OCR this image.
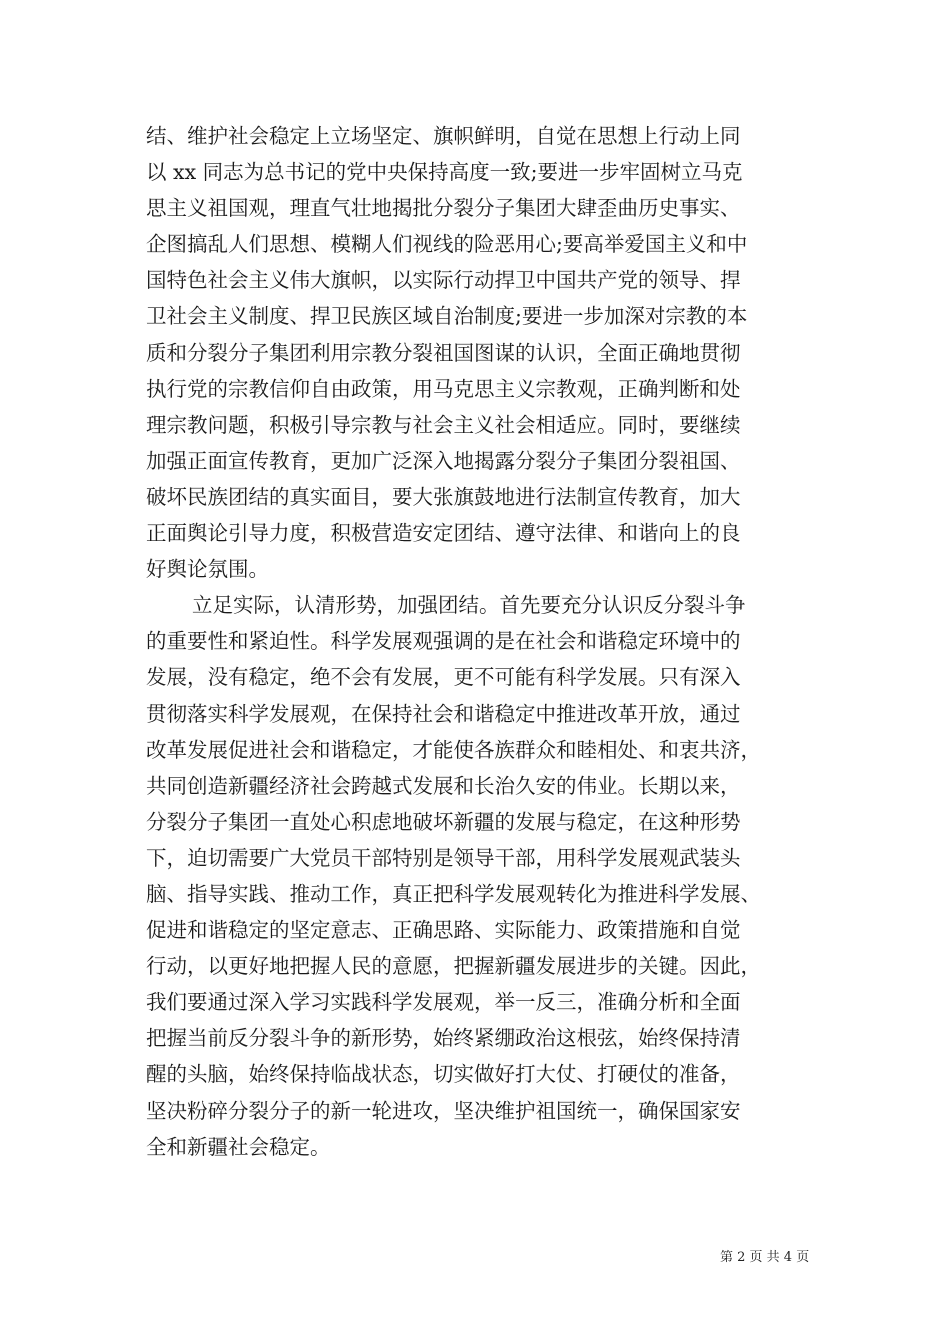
结、维护社会稳定上立场坚定、旗帜鲜明，自觉在思想上行动上同
以 xx 同志为总书记的党中央保持高度一致;要进一步牢固树立马克
思主义祖国观，理直气壮地揭批分裂分子集团大肆歪曲历史事实、
企图搞乱人们思想、模糊人们视线的险恶用心;要高举爱国主义和中
国特色社会主义伟大旗帜，以实际行动捍卫中国共产党的领导、捍
卫社会主义制度、捍卫民族区域自治制度;要进一步加深对宗教的本
质和分裂分子集团利用宗教分裂祖国图谋的认识，全面正确地贯彻
执行党的宗教信仰自由政策，用马克思主义宗教观，正确判断和处
理宗教问题，积极引导宗教与社会主义社会相适应。同时，要继续
加强正面宣传教育，更加广泛深入地揭露分裂分子集团分裂祖国、
破坏民族团结的真实面目，要大张旗鼓地进行法制宣传教育，加大
正面舆论引导力度，积极营造安定团结、遵守法律、和谐向上的良
好舆论氛围。
立足实际，认清形势，加强团结。首先要充分认识反分裂斗争
的重要性和紧迫性。科学发展观强调的是在社会和谐稳定环境中的
发展，没有稳定，绝不会有发展，更不可能有科学发展。只有深入
贯彻落实科学发展观，在保持社会和谐稳定中推进改革开放，通过
改革发展促进社会和谐稳定，才能使各族群众和睦相处、和衷共济，
共同创造新疆经济社会跨越式发展和长治久安的伟业。长期以来，
分裂分子集团一直处心积虑地破坏新疆的发展与稳定，在这种形势
下，迫切需要广大党员干部特别是领导干部，用科学发展观武装头
脑、指导实践、推动工作，真正把科学发展观转化为推进科学发展、
促进和谐稳定的坚定意志、正确思路、实际能力、政策措施和自觉
行动，以更好地把握人民的意愿，把握新疆发展进步的关键。因此，
我们要通过深入学习实践科学发展观，举一反三，准确分析和全面
把握当前反分裂斗争的新形势，始终紧绷政治这根弦，始终保持清
醒的头脑，始终保持临战状态，切实做好打大仗、打硬仗的准备，
坚决粉碎分裂分子的新一轮进攻，坚决维护祖国统一，确保国家安
全和新疆社会稳定。
第 2 页 共 4 页
